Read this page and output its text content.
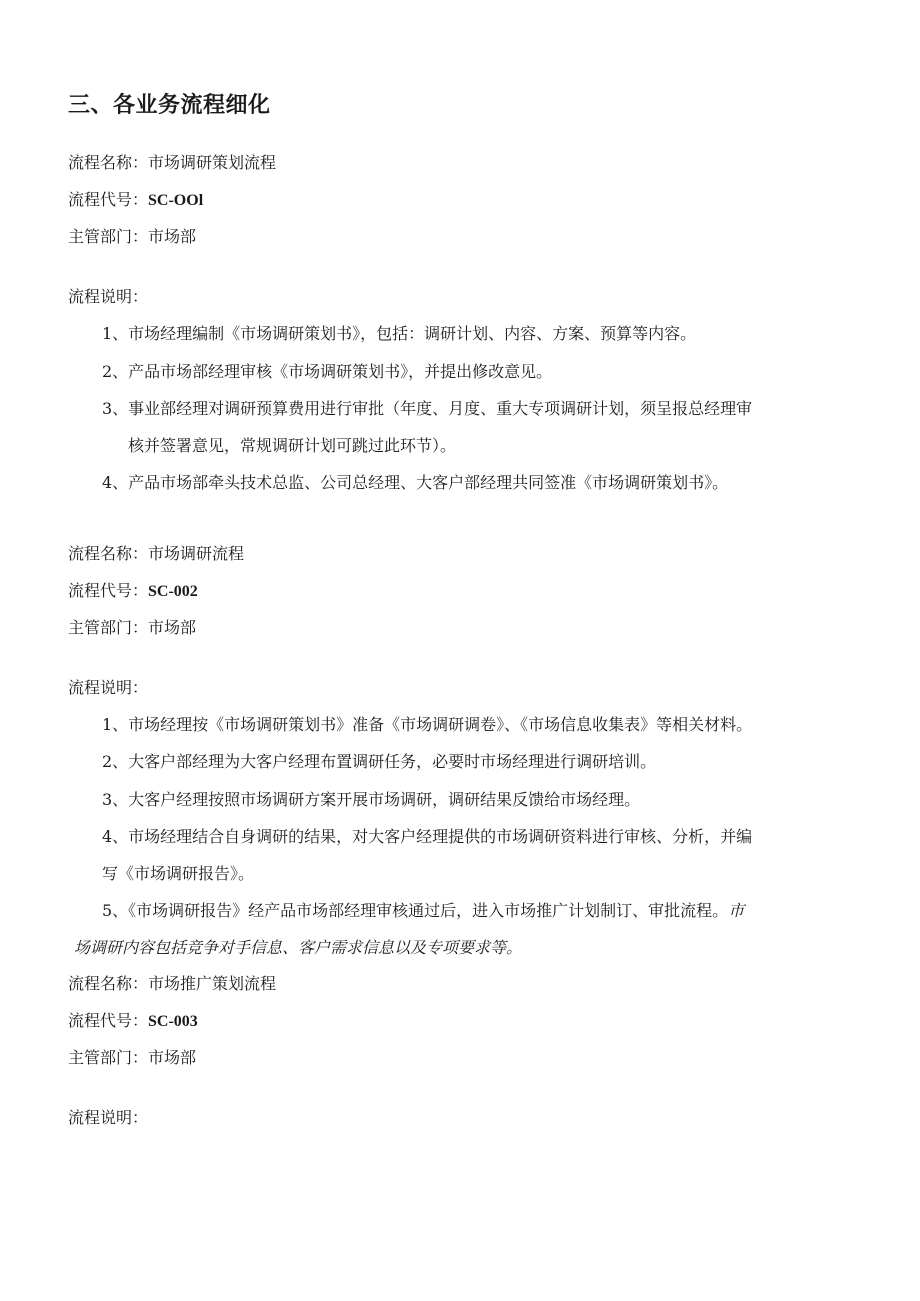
三、各业务流程细化
流程名称：市场调研策划流程
流程代号：SC-OOl
主管部门：市场部
流程说明：
1、市场经理编制《市场调研策划书》，包括：调研计划、内容、方案、预算等内容。
2、产品市场部经理审核《市场调研策划书》，并提出修改意见。
3、事业部经理对调研预算费用进行审批（年度、月度、重大专项调研计划，须呈报总经理审
核并签署意见，常规调研计划可跳过此环节）。
4、产品市场部牵头技术总监、公司总经理、大客户部经理共同签准《市场调研策划书》。
流程名称：市场调研流程
流程代号：SC-002
主管部门：市场部
流程说明：
1、市场经理按《市场调研策划书》准备《市场调研调卷》、《市场信息收集表》等相关材料。
2、大客户部经理为大客户经理布置调研任务，必要时市场经理进行调研培训。
3、大客户经理按照市场调研方案开展市场调研，调研结果反馈给市场经理。
4、市场经理结合自身调研的结果，对大客户经理提供的市场调研资料进行审核、分析，并编
写《市场调研报告》。
5、《市场调研报告》经产品市场部经理审核通过后，进入市场推广计划制订、审批流程。市
场调研内容包括竞争对手信息、客户需求信息以及专项要求等。
流程名称：市场推广策划流程
流程代号：SC-003
主管部门：市场部
流程说明：
